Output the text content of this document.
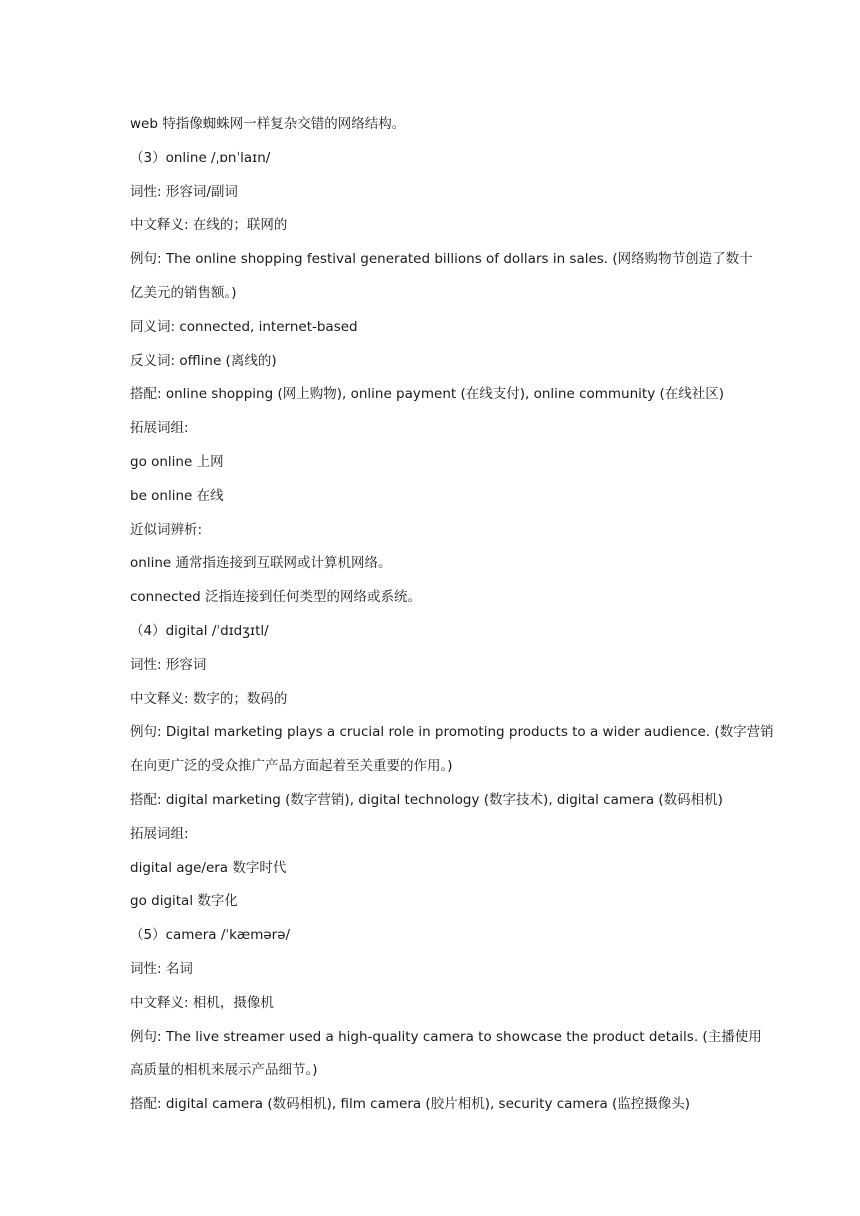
web 特指像蜘蛛网一样复杂交错的网络结构。
（3）online /ˌɒnˈlaɪn/
词性: 形容词/副词
中文释义: 在线的；联网的
例句: The online shopping festival generated billions of dollars in sales. (网络购物节创造了数十
亿美元的销售额。)
同义词: connected, internet-based
反义词: offline (离线的)
搭配: online shopping (网上购物), online payment (在线支付), online community (在线社区)
拓展词组:
go online 上网
be online 在线
近似词辨析:
online 通常指连接到互联网或计算机网络。
connected 泛指连接到任何类型的网络或系统。
（4）digital /ˈdɪdʒɪtl/
词性: 形容词
中文释义: 数字的；数码的
例句: Digital marketing plays a crucial role in promoting products to a wider audience. (数字营销
在向更广泛的受众推广产品方面起着至关重要的作用。)
搭配: digital marketing (数字营销), digital technology (数字技术), digital camera (数码相机)
拓展词组:
digital age/era 数字时代
go digital 数字化
（5）camera /ˈkæmərə/
词性: 名词
中文释义: 相机，摄像机
例句: The live streamer used a high-quality camera to showcase the product details. (主播使用
高质量的相机来展示产品细节。)
搭配: digital camera (数码相机), film camera (胶片相机), security camera (监控摄像头)
